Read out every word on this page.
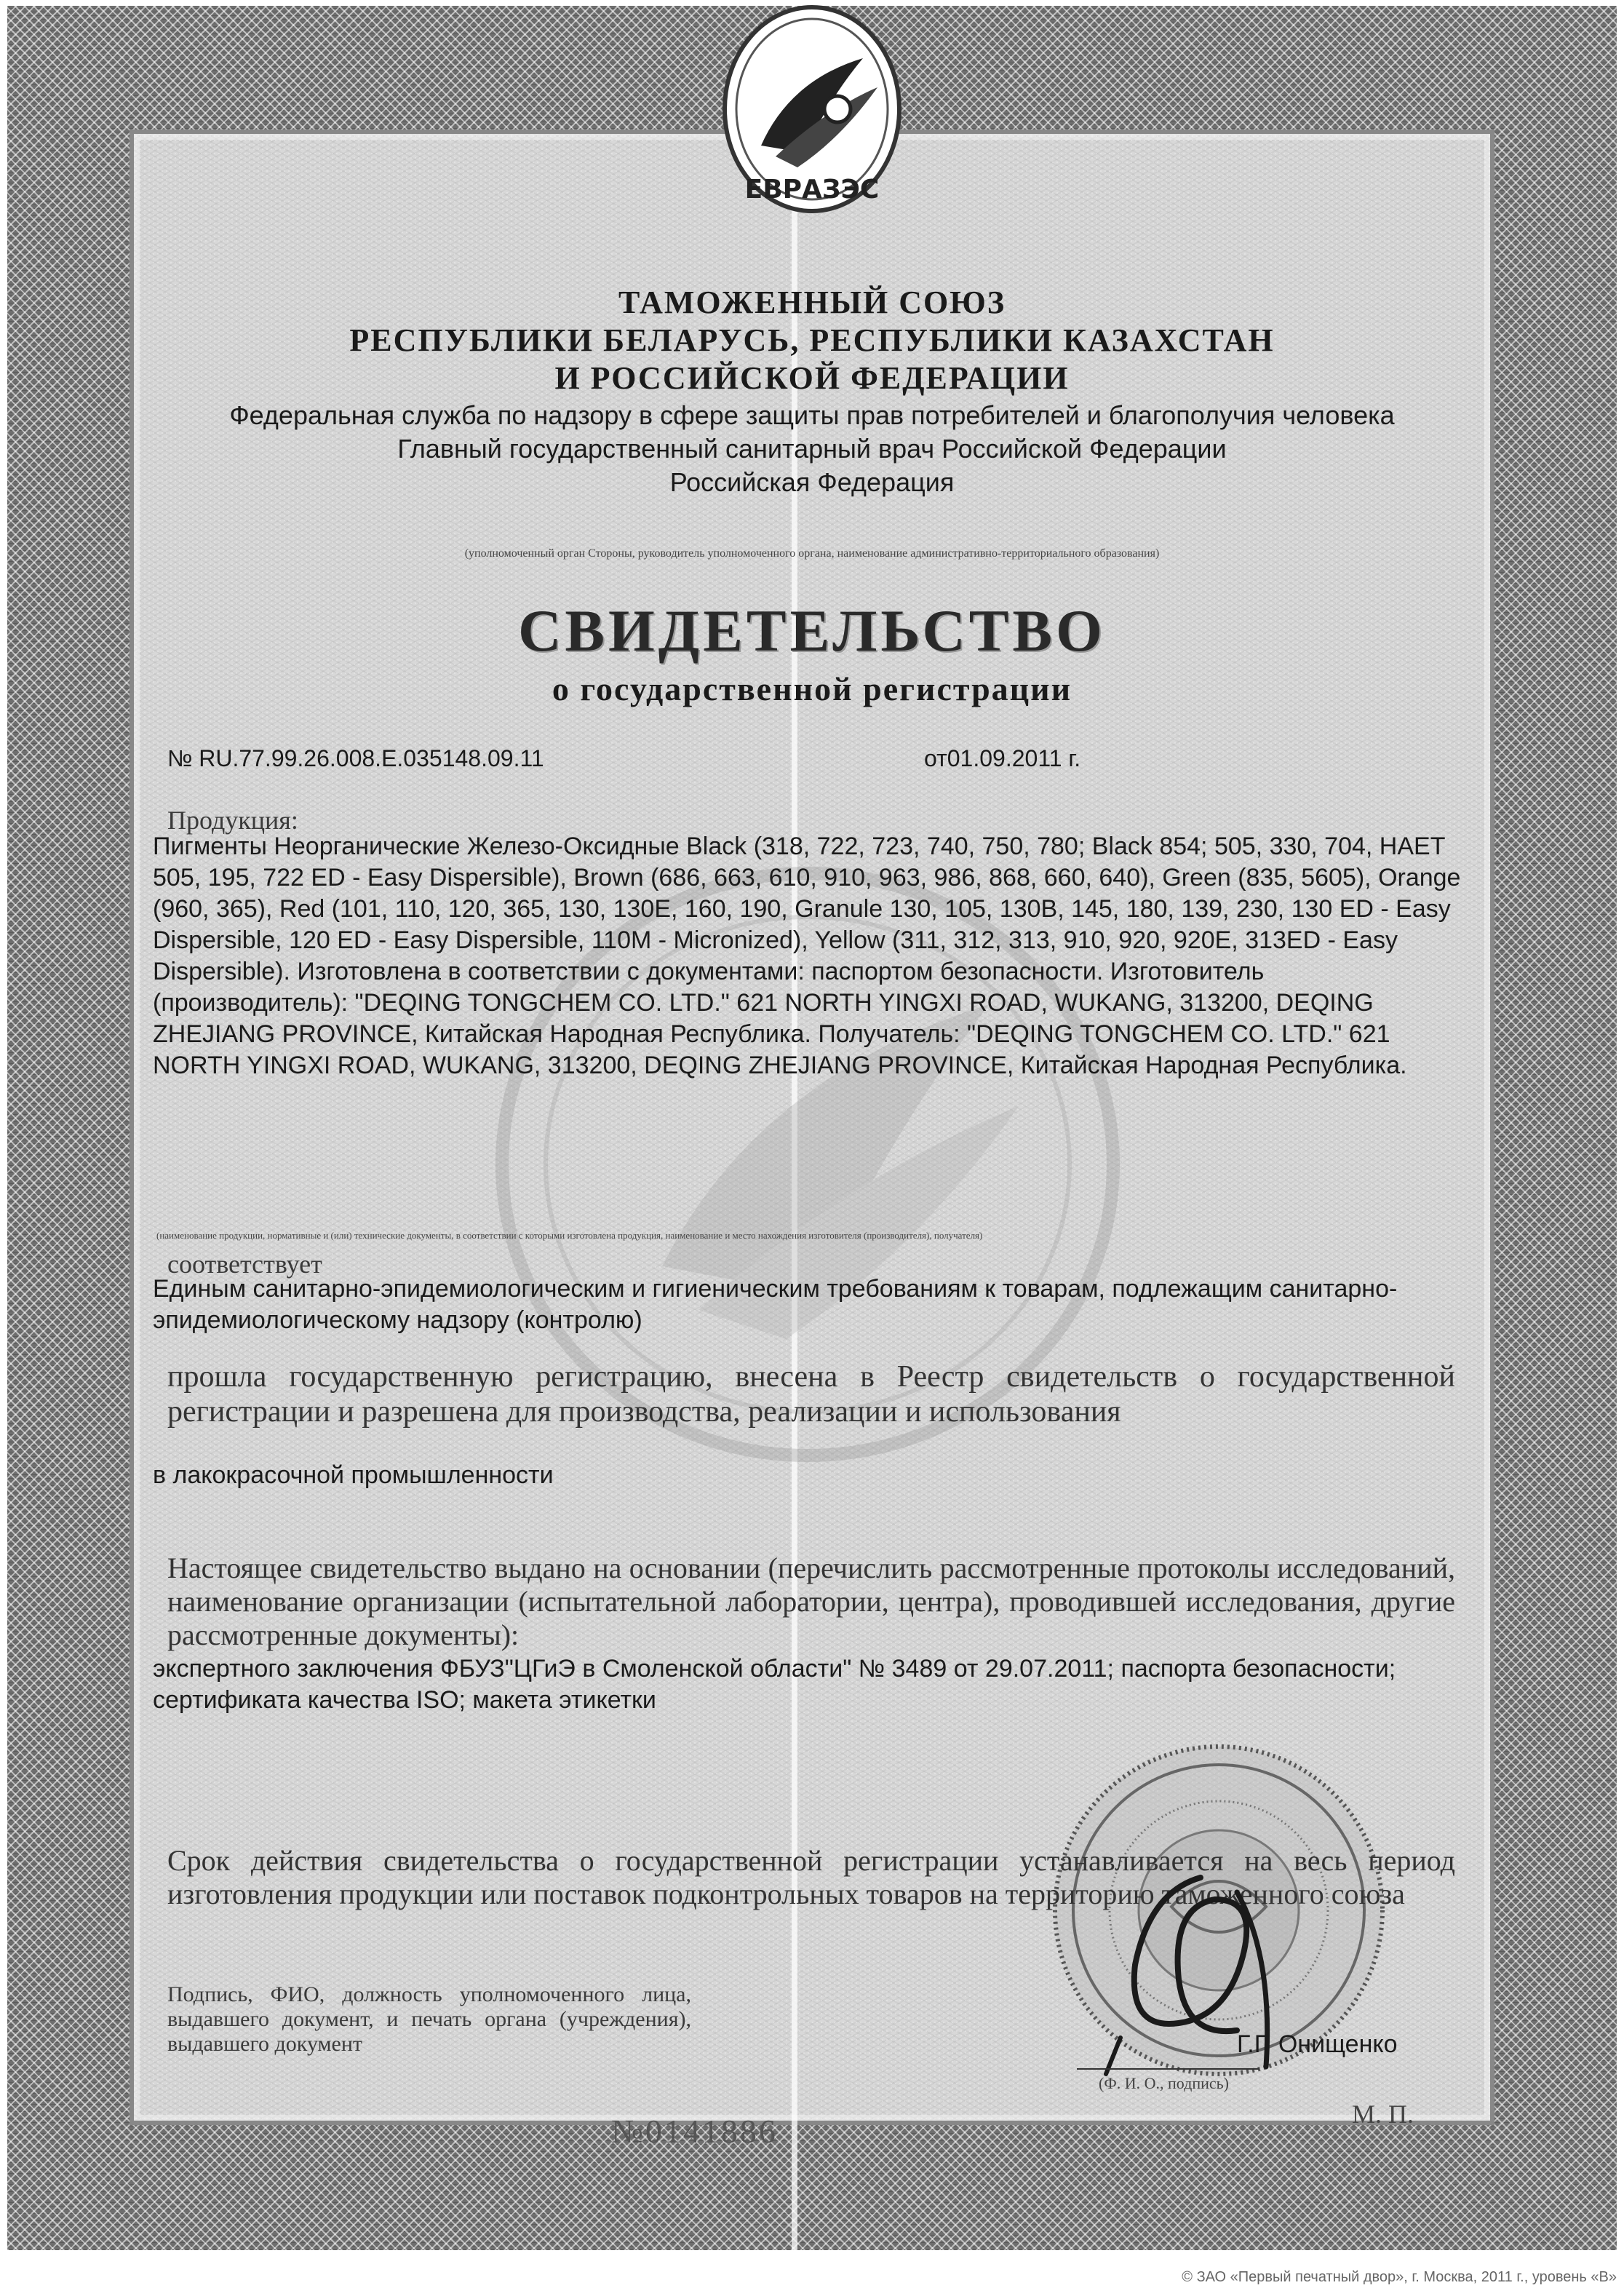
ЕВРАЗЭС
ТАМОЖЕННЫЙ СОЮЗ
РЕСПУБЛИКИ БЕЛАРУСЬ, РЕСПУБЛИКИ КАЗАХСТАН
И РОССИЙСКОЙ ФЕДЕРАЦИИ
Федеральная служба по надзору в сфере защиты прав потребителей и благополучия человека
Главный государственный санитарный врач Российской Федерации
Российская Федерация
(уполномоченный орган Стороны, руководитель уполномоченного органа, наименование административно-территориального образования)
СВИДЕТЕЛЬСТВО
о государственной регистрации
№ RU.77.99.26.008.Е.035148.09.11	от01.09.2011 г.
Продукция:
Пигменты Неорганические Железо-Оксидные Black (318, 722, 723, 740, 750, 780; Black 854; 505, 330, 704, HAET 505, 195, 722 ED - Easy Dispersible), Brown (686, 663, 610, 910, 963, 986, 868, 660, 640), Green (835, 5605), Orange (960, 365), Red (101, 110, 120, 365, 130, 130E, 160, 190, Granule 130, 105, 130B, 145, 180, 139, 230, 130 ED - Easy Dispersible, 120 ED - Easy Dispersible, 110M - Micronized), Yellow (311, 312, 313, 910, 920, 920E, 313ED - Easy Dispersible). Изготовлена в соответствии с документами: паспортом безопасности. Изготовитель (производитель): "DEQING TONGCHEM CO. LTD." 621 NORTH YINGXI ROAD, WUKANG, 313200, DEQING ZHEJIANG PROVINCE, Китайская Народная Республика. Получатель: "DEQING TONGCHEM CO. LTD." 621 NORTH YINGXI ROAD, WUKANG, 313200, DEQING ZHEJIANG PROVINCE, Китайская Народная Республика.
(наименование продукции, нормативные и (или) технические документы, в соответствии с которыми изготовлена продукция, наименование и место нахождения изготовителя (производителя), получателя)
соответствует
Единым санитарно-эпидемиологическим и гигиеническим требованиям к товарам, подлежащим санитарно-эпидемиологическому надзору (контролю)
прошла государственную регистрацию, внесена в Реестр свидетельств о государственной регистрации и разрешена для производства, реализации и использования
в лакокрасочной промышленности
Настоящее свидетельство выдано на основании (перечислить рассмотренные протоколы исследований, наименование организации (испытательной лаборатории, центра), проводившей исследования, другие рассмотренные документы):
экспертного заключения ФБУЗ"ЦГиЭ в Смоленской области" № 3489 от 29.07.2011; паспорта безопасности; сертификата качества ISO; макета этикетки
Срок действия свидетельства о государственной регистрации устанавливается на весь период изготовления продукции или поставок подконтрольных товаров на территорию таможенного союза
Подпись, ФИО, должность уполномоченного лица, выдавшего документ, и печать органа (учреждения), выдавшего документ	Г.Г. Онищенко
(Ф. И. О., подпись)
М. П.
№0141886
© ЗАО «Первый печатный двор», г. Москва, 2011 г., уровень «В»
